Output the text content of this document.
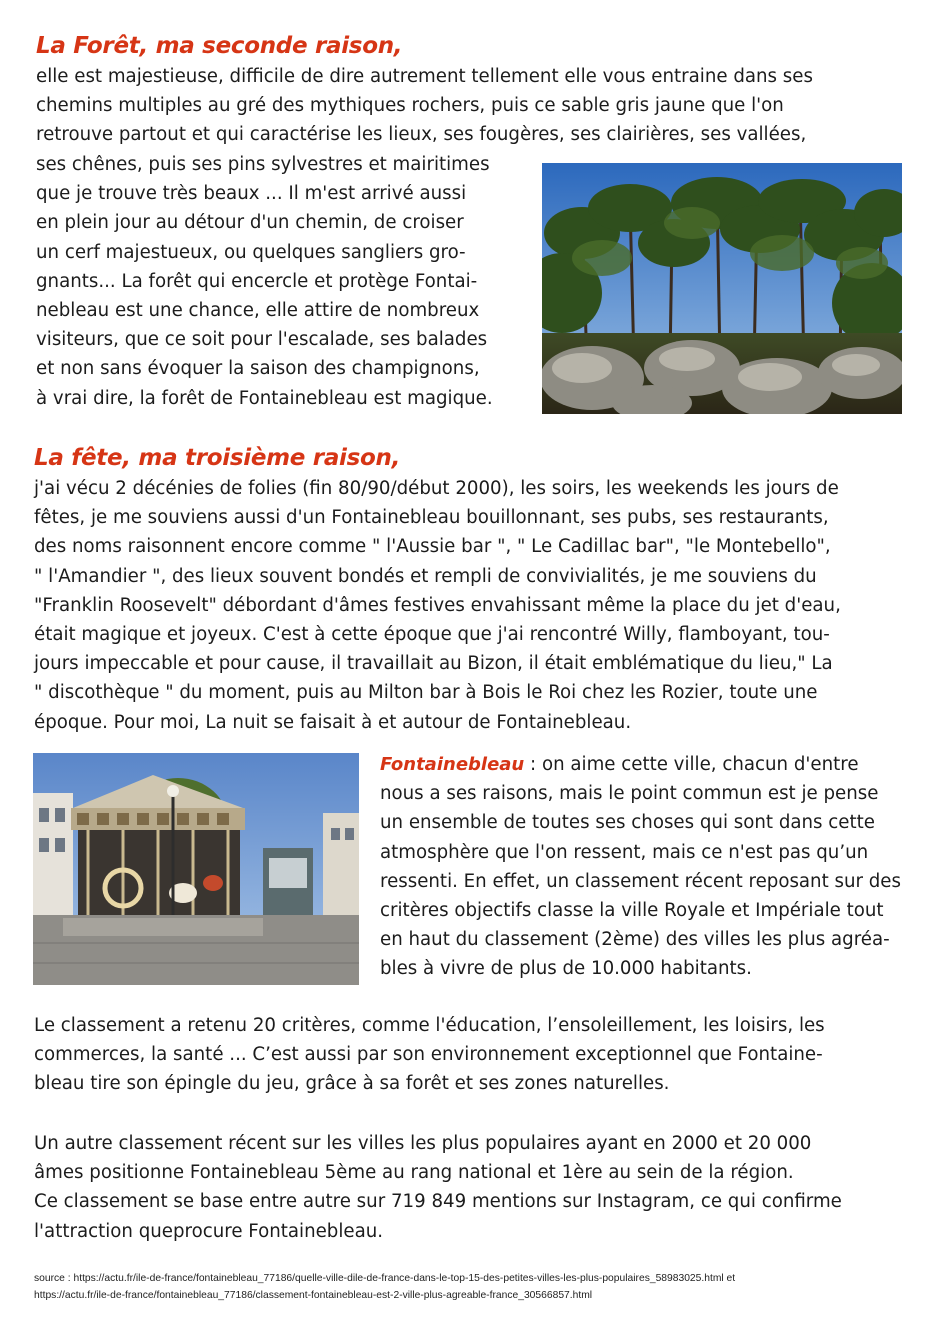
La Forêt, ma seconde raison,
elle est majestieuse, difficile de dire autrement tellement elle vous entraine dans ses
chemins multiples au gré des mythiques rochers, puis ce sable gris jaune que l'on
retrouve partout et qui caractérise les lieux, ses fougères, ses clairières, ses vallées,
ses chênes, puis ses pins sylvestres et mairitimes
que je trouve très beaux ... Il m'est arrivé aussi
en plein jour au détour d'un chemin, de croiser
un cerf majestueux, ou quelques sangliers gro-
gnants... La forêt qui encercle et protège Fontai-
nebleau est une chance, elle attire de nombreux
visiteurs, que ce soit pour l'escalade, ses balades
et non sans évoquer la saison des champignons,
à vrai dire, la forêt de Fontainebleau est magique.
La fête, ma troisième raison,
j'ai vécu 2 décénies de folies (fin 80/90/début 2000), les soirs, les weekends les jours de
fêtes, je me souviens aussi d'un Fontainebleau bouillonnant, ses pubs, ses restaurants,
des noms raisonnent encore comme " l'Aussie bar ", " Le Cadillac bar", "le Montebello",
" l'Amandier ", des lieux souvent bondés et rempli de convivialités, je me souviens du
"Franklin Roosevelt" débordant d'âmes festives envahissant même la place du jet d'eau,
était magique et joyeux. C'est à cette époque que j'ai rencontré Willy, flamboyant, tou-
jours impeccable et pour cause, il travaillait au Bizon, il était emblématique du lieu," La
" discothèque " du moment, puis au Milton bar à Bois le Roi chez les Rozier, toute une
époque. Pour moi, La nuit se faisait à et autour de Fontainebleau.
Fontainebleau : on aime cette ville, chacun d'entre
nous a ses raisons, mais le point commun est je pense
un ensemble de toutes ses choses qui sont dans cette
atmosphère que l'on ressent, mais ce n'est pas qu’un
ressenti. En effet, un classement récent reposant sur des
critères objectifs classe la ville Royale et Impériale tout
en haut du classement (2ème) des villes les plus agréa-
bles à vivre de plus de 10.000 habitants.
Le classement a retenu 20 critères, comme l'éducation, l’ensoleillement, les loisirs, les
commerces, la santé ... C’est aussi par son environnement exceptionnel que Fontaine-
bleau tire son épingle du jeu, grâce à sa forêt et ses zones naturelles.
Un autre classement récent sur les villes les plus populaires ayant en 2000 et 20 000
âmes positionne Fontainebleau 5ème au rang national et 1ère au sein de la région.
Ce classement se base entre autre sur 719 849 mentions sur Instagram, ce qui confirme
l'attraction queprocure Fontainebleau.
source : https://actu.fr/ile-de-france/fontainebleau_77186/quelle-ville-dile-de-france-dans-le-top-15-des-petites-villes-les-plus-populaires_58983025.html et
https://actu.fr/ile-de-france/fontainebleau_77186/classement-fontainebleau-est-2-ville-plus-agreable-france_30566857.html
